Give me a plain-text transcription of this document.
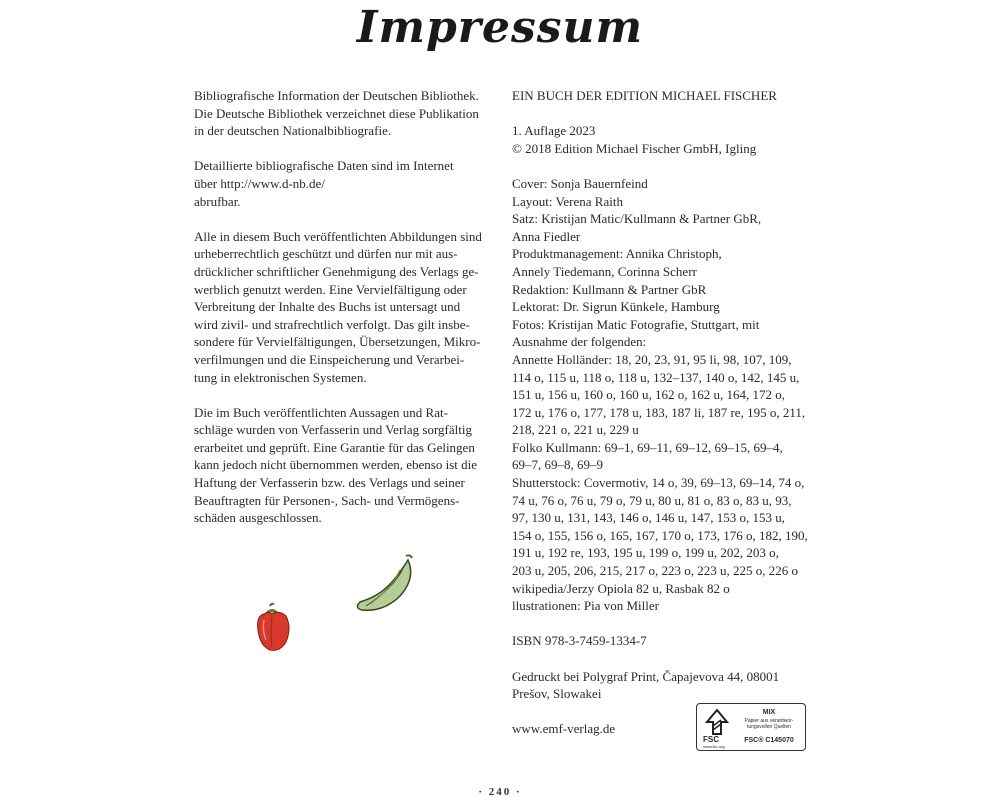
Impressum

Bibliografische Information der Deutschen Bibliothek.
Die Deutsche Bibliothek verzeichnet diese Publikation
in der deutschen Nationalbibliografie.

Detaillierte bibliografische Daten sind im Internet
über http://www.d-nb.de/
abrufbar.

Alle in diesem Buch veröffentlichten Abbildungen sind
urheberrechtlich geschützt und dürfen nur mit aus-
drücklicher schriftlicher Genehmigung des Verlags ge-
werblich genutzt werden. Eine Vervielfältigung oder
Verbreitung der Inhalte des Buchs ist untersagt und
wird zivil- und strafrechtlich verfolgt. Das gilt insbe-
sondere für Vervielfältigungen, Übersetzungen, Mikro-
verfilmungen und die Einspeicherung und Verarbei-
tung in elektronischen Systemen.

Die im Buch veröffentlichten Aussagen und Rat-
schläge wurden von Verfasserin und Verlag sorgfältig
erarbeitet und geprüft. Eine Garantie für das Gelingen
kann jedoch nicht übernommen werden, ebenso ist die
Haftung der Verfasserin bzw. des Verlags und seiner
Beauftragten für Personen-, Sach- und Vermögens-
schäden ausgeschlossen.

EIN BUCH DER EDITION MICHAEL FISCHER

1. Auflage 2023
© 2018 Edition Michael Fischer GmbH, Igling

Cover: Sonja Bauernfeind
Layout: Verena Raith
Satz: Kristijan Matic/Kullmann & Partner GbR,
Anna Fiedler
Produktmanagement: Annika Christoph,
Annely Tiedemann, Corinna Scherr
Redaktion: Kullmann & Partner GbR
Lektorat: Dr. Sigrun Künkele, Hamburg
Fotos: Kristijan Matic Fotografie, Stuttgart, mit
Ausnahme der folgenden:
Annette Holländer: 18, 20, 23, 91, 95 li, 98, 107, 109,
114 o, 115 u, 118 o, 118 u, 132–137, 140 o, 142, 145 u,
151 u, 156 u, 160 o, 160 u, 162 o, 162 u, 164, 172 o,
172 u, 176 o, 177, 178 u, 183, 187 li, 187 re, 195 o, 211,
218, 221 o, 221 u, 229 u
Folko Kullmann: 69–1, 69–11, 69–12, 69–15, 69–4,
69–7, 69–8, 69–9
Shutterstock: Covermotiv, 14 o, 39, 69–13, 69–14, 74 o,
74 u, 76 o, 76 u, 79 o, 79 u, 80 u, 81 o, 83 o, 83 u, 93,
97, 130 u, 131, 143, 146 o, 146 u, 147, 153 o, 153 u,
154 o, 155, 156 o, 165, 167, 170 o, 173, 176 o, 182, 190,
191 u, 192 re, 193, 195 u, 199 o, 199 u, 202, 203 o,
203 u, 205, 206, 215, 217 o, 223 o, 223 u, 225 o, 226 o
wikipedia/Jerzy Opiola 82 u, Rasbak 82 o
llustrationen: Pia von Miller

ISBN 978-3-7459-1334-7

Gedruckt bei Polygraf Print, Čapajevova 44, 08001
Prešov, Slowakei

www.emf-verlag.de

FSC
www.fsc.org
MIX
Papier aus verantwor-
tungsvollen Quellen
FSC® C145070
· 240 ·
